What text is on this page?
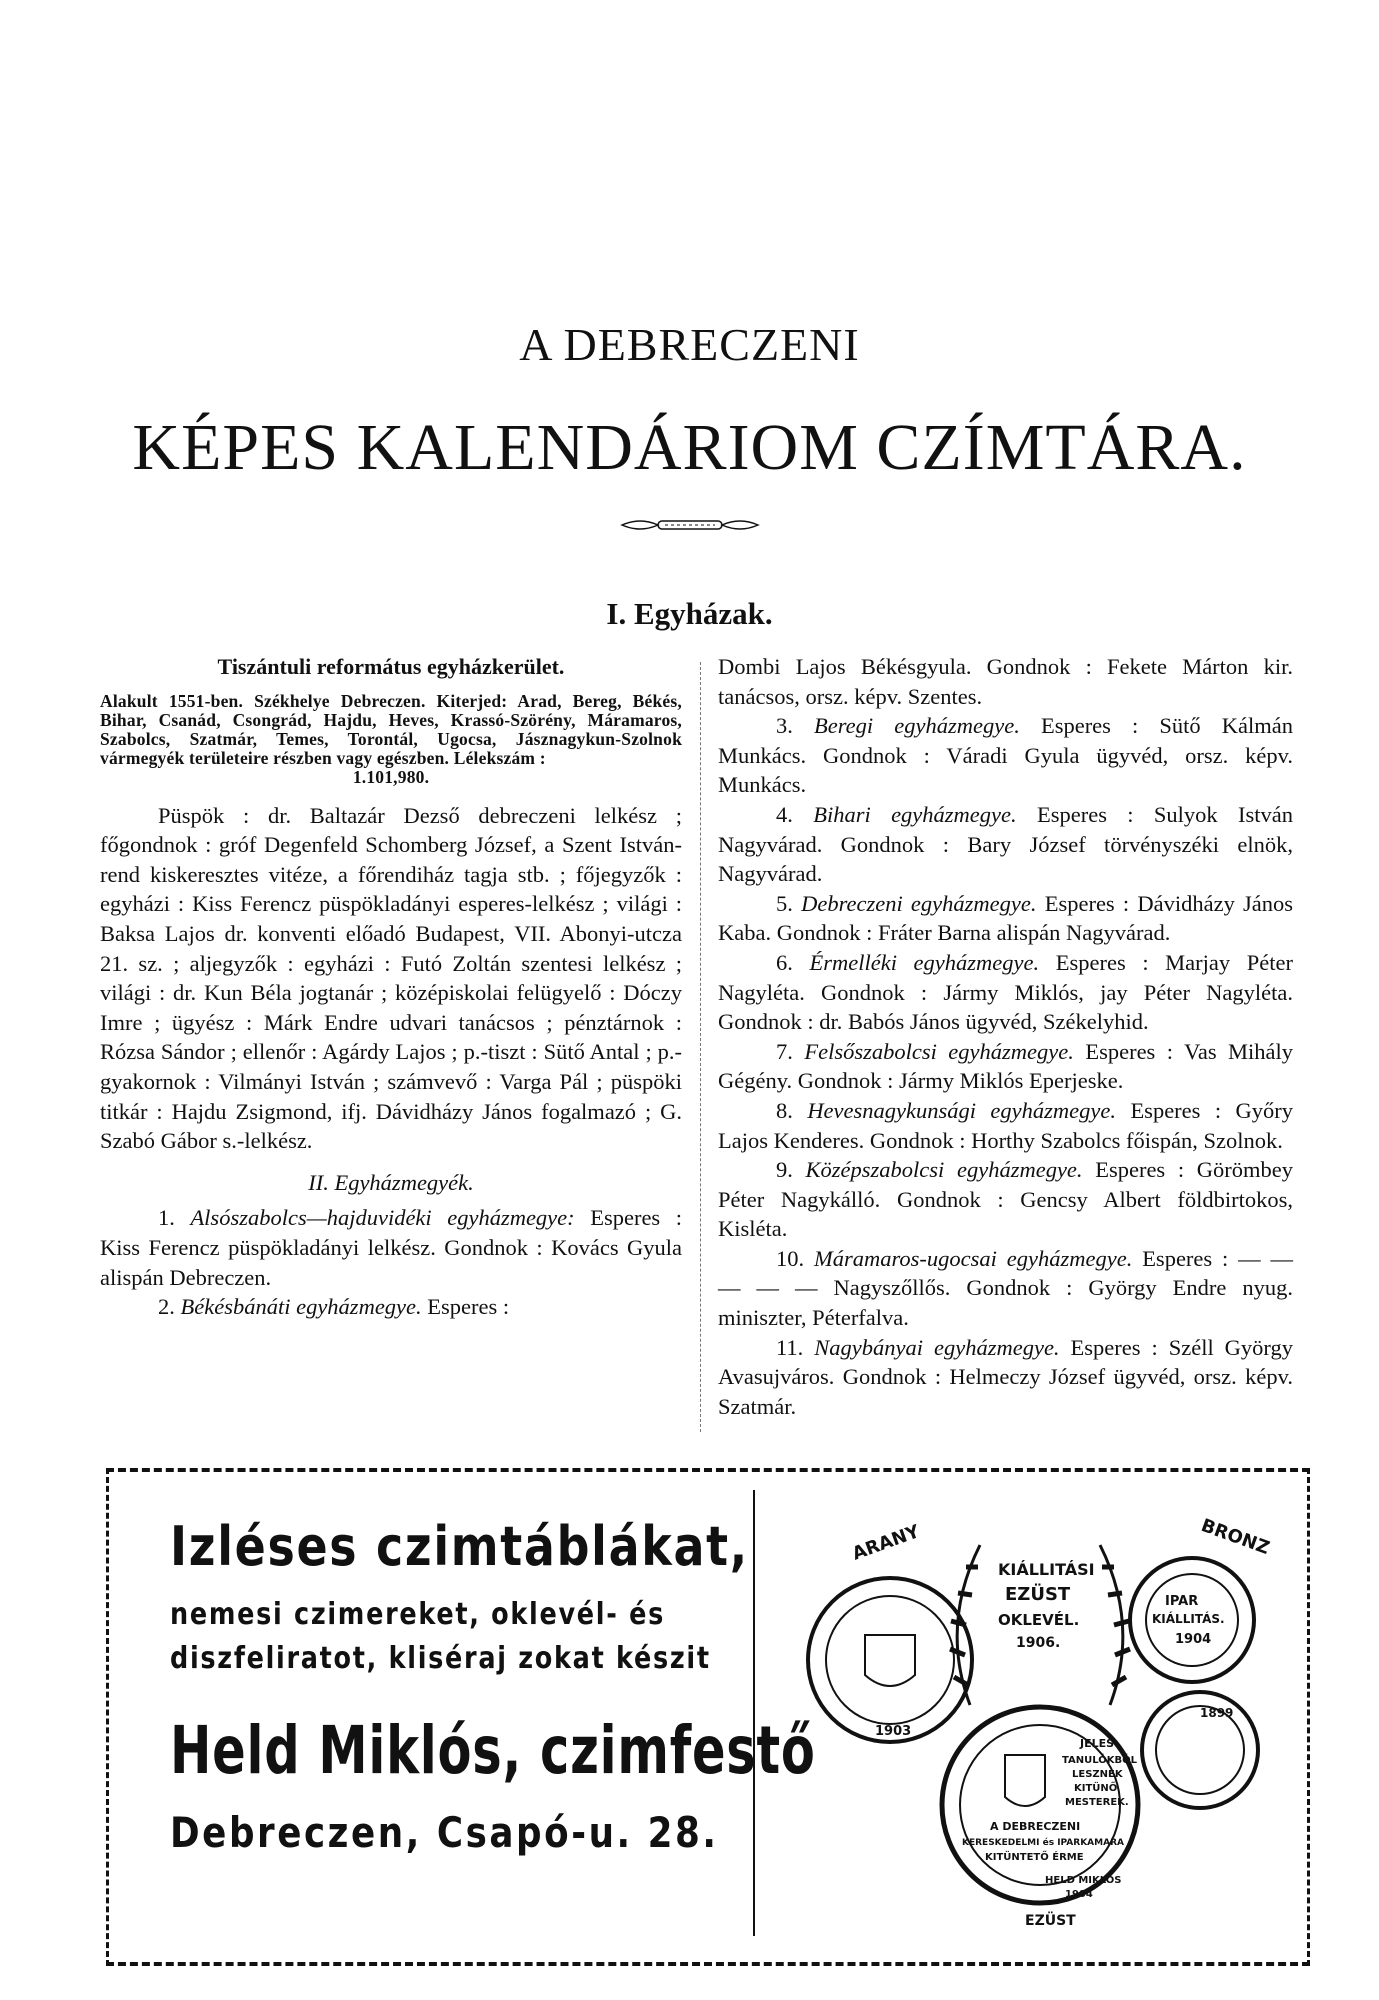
A DEBRECZENI
KÉPES KALENDÁRIOM CZÍMTÁRA.
I. Egyházak.

Tiszántuli református egyházkerület.

Alakult 1551-ben. Székhelye Debreczen. Kiterjed: Arad, Bereg, Békés, Bihar, Csanád, Csongrád, Hajdu, Heves, Krassó-Szörény, Máramaros, Szabolcs, Szatmár, Temes, Torontál, Ugocsa, Jásznagykun-Szolnok vármegyék területeire részben vagy egészben. Lélekszám :

1.101,980.

Püspök : dr. Baltazár Dezső debreczeni lelkész ; főgondnok : gróf Degenfeld Schomberg József, a Szent István-rend kiskeresztes vitéze, a főrendiház tagja stb. ; főjegyzők : egyházi : Kiss Ferencz püspökladányi esperes-lelkész ; világi : Baksa Lajos dr. konventi előadó Budapest, VII. Abonyi-utcza 21. sz. ; aljegyzők : egyházi : Futó Zoltán szentesi lelkész ; világi : dr. Kun Béla jogtanár ; középiskolai felügyelő : Dóczy Imre ; ügyész : Márk Endre udvari tanácsos ; pénztárnok : Rózsa Sándor ; ellenőr : Agárdy Lajos ; p.-tiszt : Sütő Antal ; p.-gyakornok : Vilmányi István ; számvevő : Varga Pál ; püspöki titkár : Hajdu Zsigmond, ifj. Dávidházy János fogalmazó ; G. Szabó Gábor s.-lelkész.

II. Egyházmegyék.

1. Alsószabolcs—hajduvidéki egyházmegye: Esperes : Kiss Ferencz püspökladányi lelkész. Gondnok : Kovács Gyula alispán Debreczen.

2. Békésbánáti egyházmegye. Esperes :

Dombi Lajos Békésgyula. Gondnok : Fekete Márton kir. tanácsos, orsz. képv. Szentes.

3. Beregi egyházmegye. Esperes : Sütő Kálmán Munkács. Gondnok : Váradi Gyula ügyvéd, orsz. képv. Munkács.

4. Bihari egyházmegye. Esperes : Sulyok István Nagyvárad. Gondnok : Bary József törvényszéki elnök, Nagyvárad.

5. Debreczeni egyházmegye. Esperes : Dávidházy János Kaba. Gondnok : Fráter Barna alispán Nagyvárad.

6. Érmelléki egyházmegye. Esperes : Marjay Péter Nagyléta. Gondnok : Jármy Miklós, jay Péter Nagyléta. Gondnok : dr. Babós János ügyvéd, Székelyhid.

7. Felsőszabolcsi egyházmegye. Esperes : Vas Mihály Gégény. Gondnok : Jármy Miklós Eperjeske.

8. Hevesnagykunsági egyházmegye. Esperes : Győry Lajos Kenderes. Gondnok : Horthy Szabolcs főispán, Szolnok.

9. Középszabolcsi egyházmegye. Esperes : Görömbey Péter Nagykálló. Gondnok : Gencsy Albert földbirtokos, Kisléta.

10. Máramaros-ugocsai egyházmegye. Esperes : — — — — — Nagyszőllős. Gondnok : György Endre nyug. miniszter, Péterfalva.

11. Nagybányai egyházmegye. Esperes : Széll György Avasujváros. Gondnok : Helmeczy József ügyvéd, orsz. képv. Szatmár.

Izléses czimtáblákat,
nemesi czimereket, oklevél- és
diszfeliratot, kliséraj zokat készit
Held Miklós, czimfestő
Debreczen, Csapó-u. 28.
1903
ARANY
IPAR
KIÁLLITÁS.
1904
BRONZ
1899
KIÁLLITÁSI
EZÜST
OKLEVÉL.
1906.
JELES
TANULÓKBÓL
LESZNEK
KITÜNŐ
MESTEREK.
A DEBRECZENI
KERESKEDELMI és IPARKAMARA
KITÜNTETŐ ÉRME
HELD MIKLÓS
1904
EZÜST
